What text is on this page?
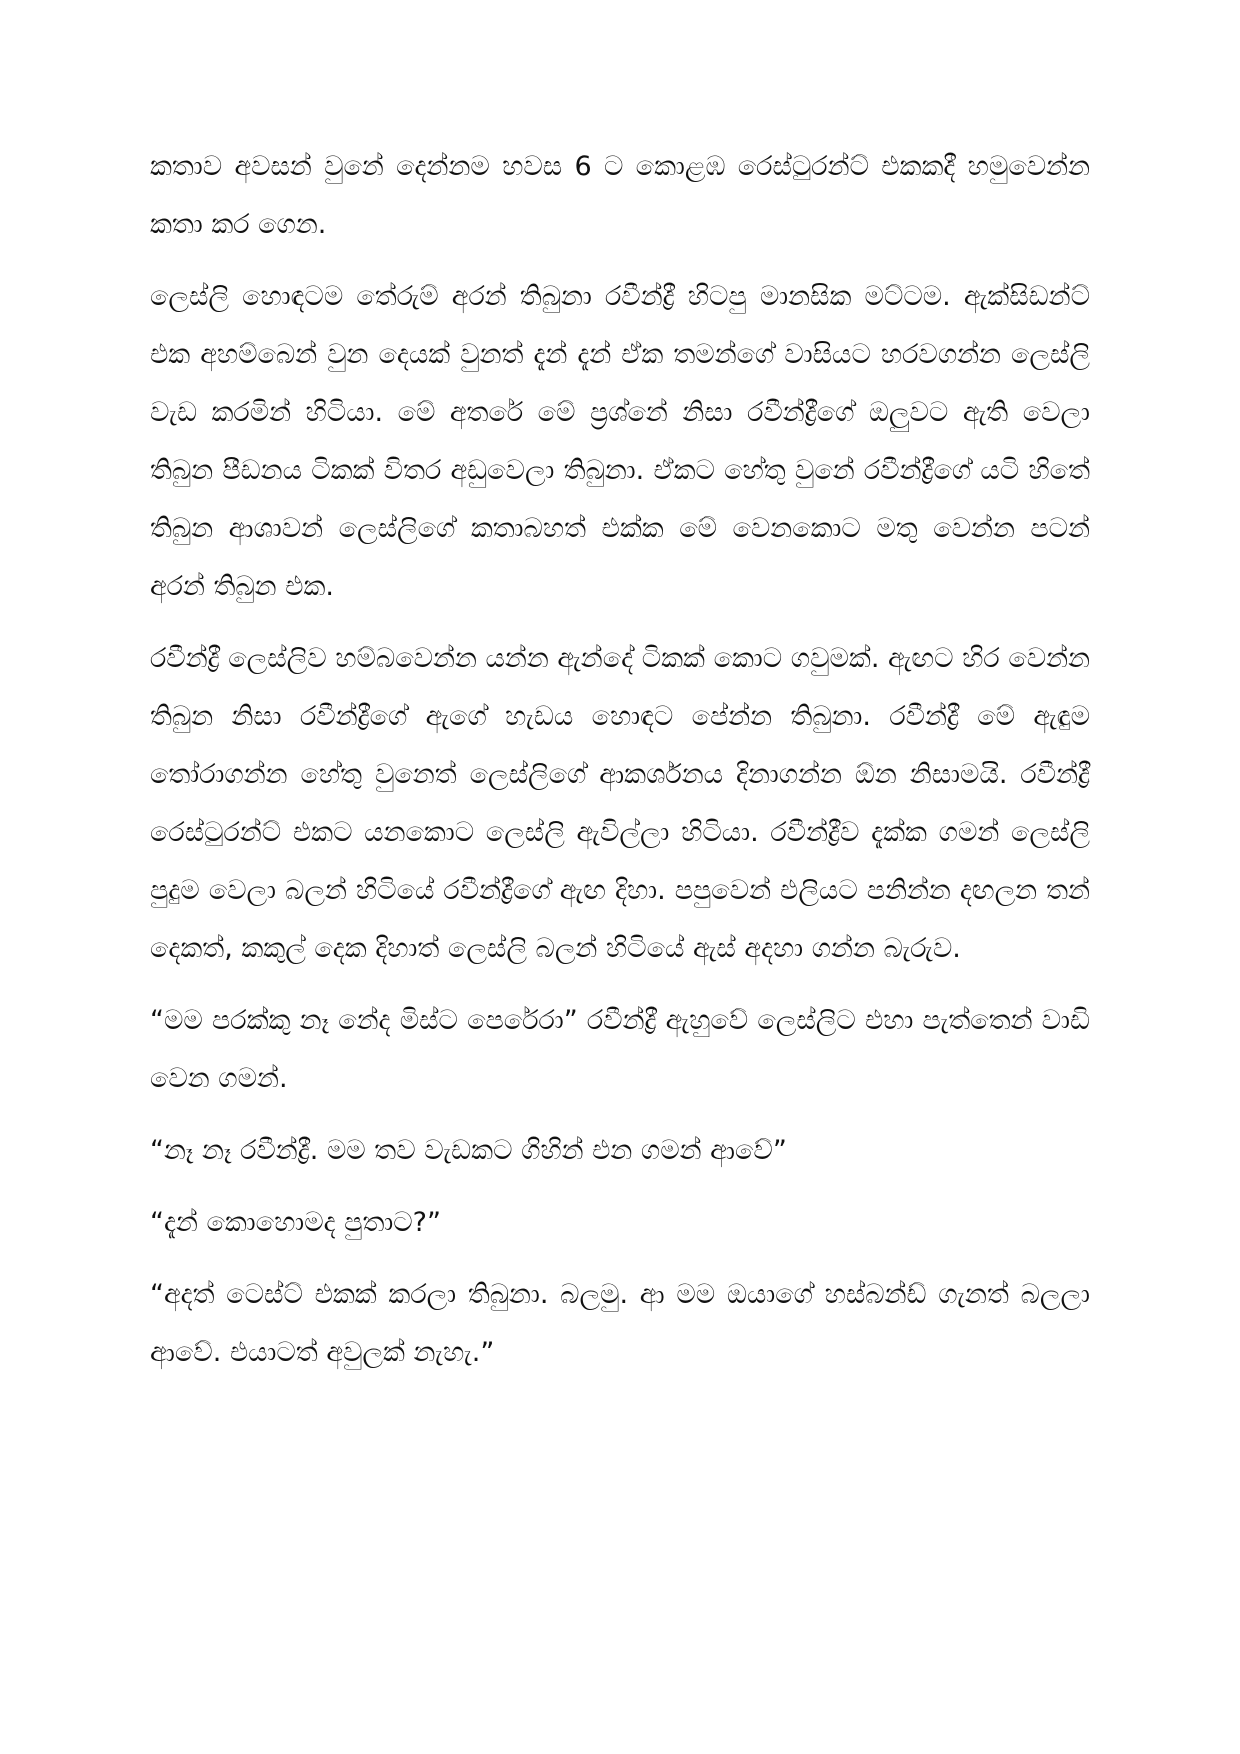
කතාව අවසන් වුනේ දෙන්නම හවස 6 ට කොළඹ රෙස්ටුරන්ට් එකකදී හමුවෙන්න කතා කර ගෙන.

ලෙස්ලි හොඳටම තේරුම් අරන් තිබුනා රවීන්ද්‍රී හිටපු මානසික මට්ටම. ඇක්සිඩන්ට් එක අහම්බෙන් වුන දෙයක් වුනත් දැන් දැන් ඒක තමන්ගේ වාසියට හරවගන්න ලෙස්ලි වැඩ කරමින් හිටියා. මේ අතරේ මේ ප්‍රශ්නේ නිසා රවීන්ද්‍රීගේ ඔලුවට ඇති වෙලා තිබුන පීඩනය ටිකක් විතර අඩුවෙලා තිබුනා. ඒකට හේතු වුනේ රවීන්ද්‍රීගේ යටි හිතේ තිබුන ආශාවන් ලෙස්ලිගේ කතාබහත් එක්ක මේ වෙනකොට මතු වෙන්න පටන් අරන් තිබුන එක.

රවීන්ද්‍රී ලෙස්ලිව හම්බවෙන්න යන්න ඇන්දේ ටිකක් කොට ගවුමක්. ඇඟට හිර වෙන්න තිබුන නිසා රවීන්ද්‍රීගේ ඇගේ හැඩය හොඳට පේන්න තිබුනා. රවීන්ද්‍රී මේ ඇඳුම තෝරාගන්න හේතු වුනෙත් ලෙස්ලිගේ ආකර්ශනය දිනාගන්න ඕන නිසාමයි. රවීන්ද්‍රී රෙස්ටුරන්ට් එකට යනකොට ලෙස්ලි ඇවිල්ලා හිටියා. රවීන්ද්‍රීව දැක්ක ගමන් ලෙස්ලි පුදුම වෙලා බලන් හිටියේ රවීන්ද්‍රීගේ ඇඟ දිහා. පපුවෙන් එලියට පනින්න දඟලන තන් දෙකත්, කකුල් දෙක දිහාත් ලෙස්ලි බලන් හිටියේ ඇස් අදහා ගන්න බැරුව.

“මම පරක්කු නෑ නේද මිස්ට පෙරේරා” රවීන්ද්‍රී ඇහුවේ ලෙස්ලිට එහා පැත්තෙන් වාඩි වෙන ගමන්.

“නෑ නෑ රවීන්ද්‍රී. මම තව වැඩකට ගිහින් එන ගමන් ආවේ”

“දැන් කොහොමද පුතාට?”

“අදත් ටෙස්ට් එකක් කරලා තිබුනා. බලමු. ආ මම ඔයාගේ හස්බන්ඩ් ගැනත් බලලා ආවේ. එයාටත් අවුලක් නැහැ.”
